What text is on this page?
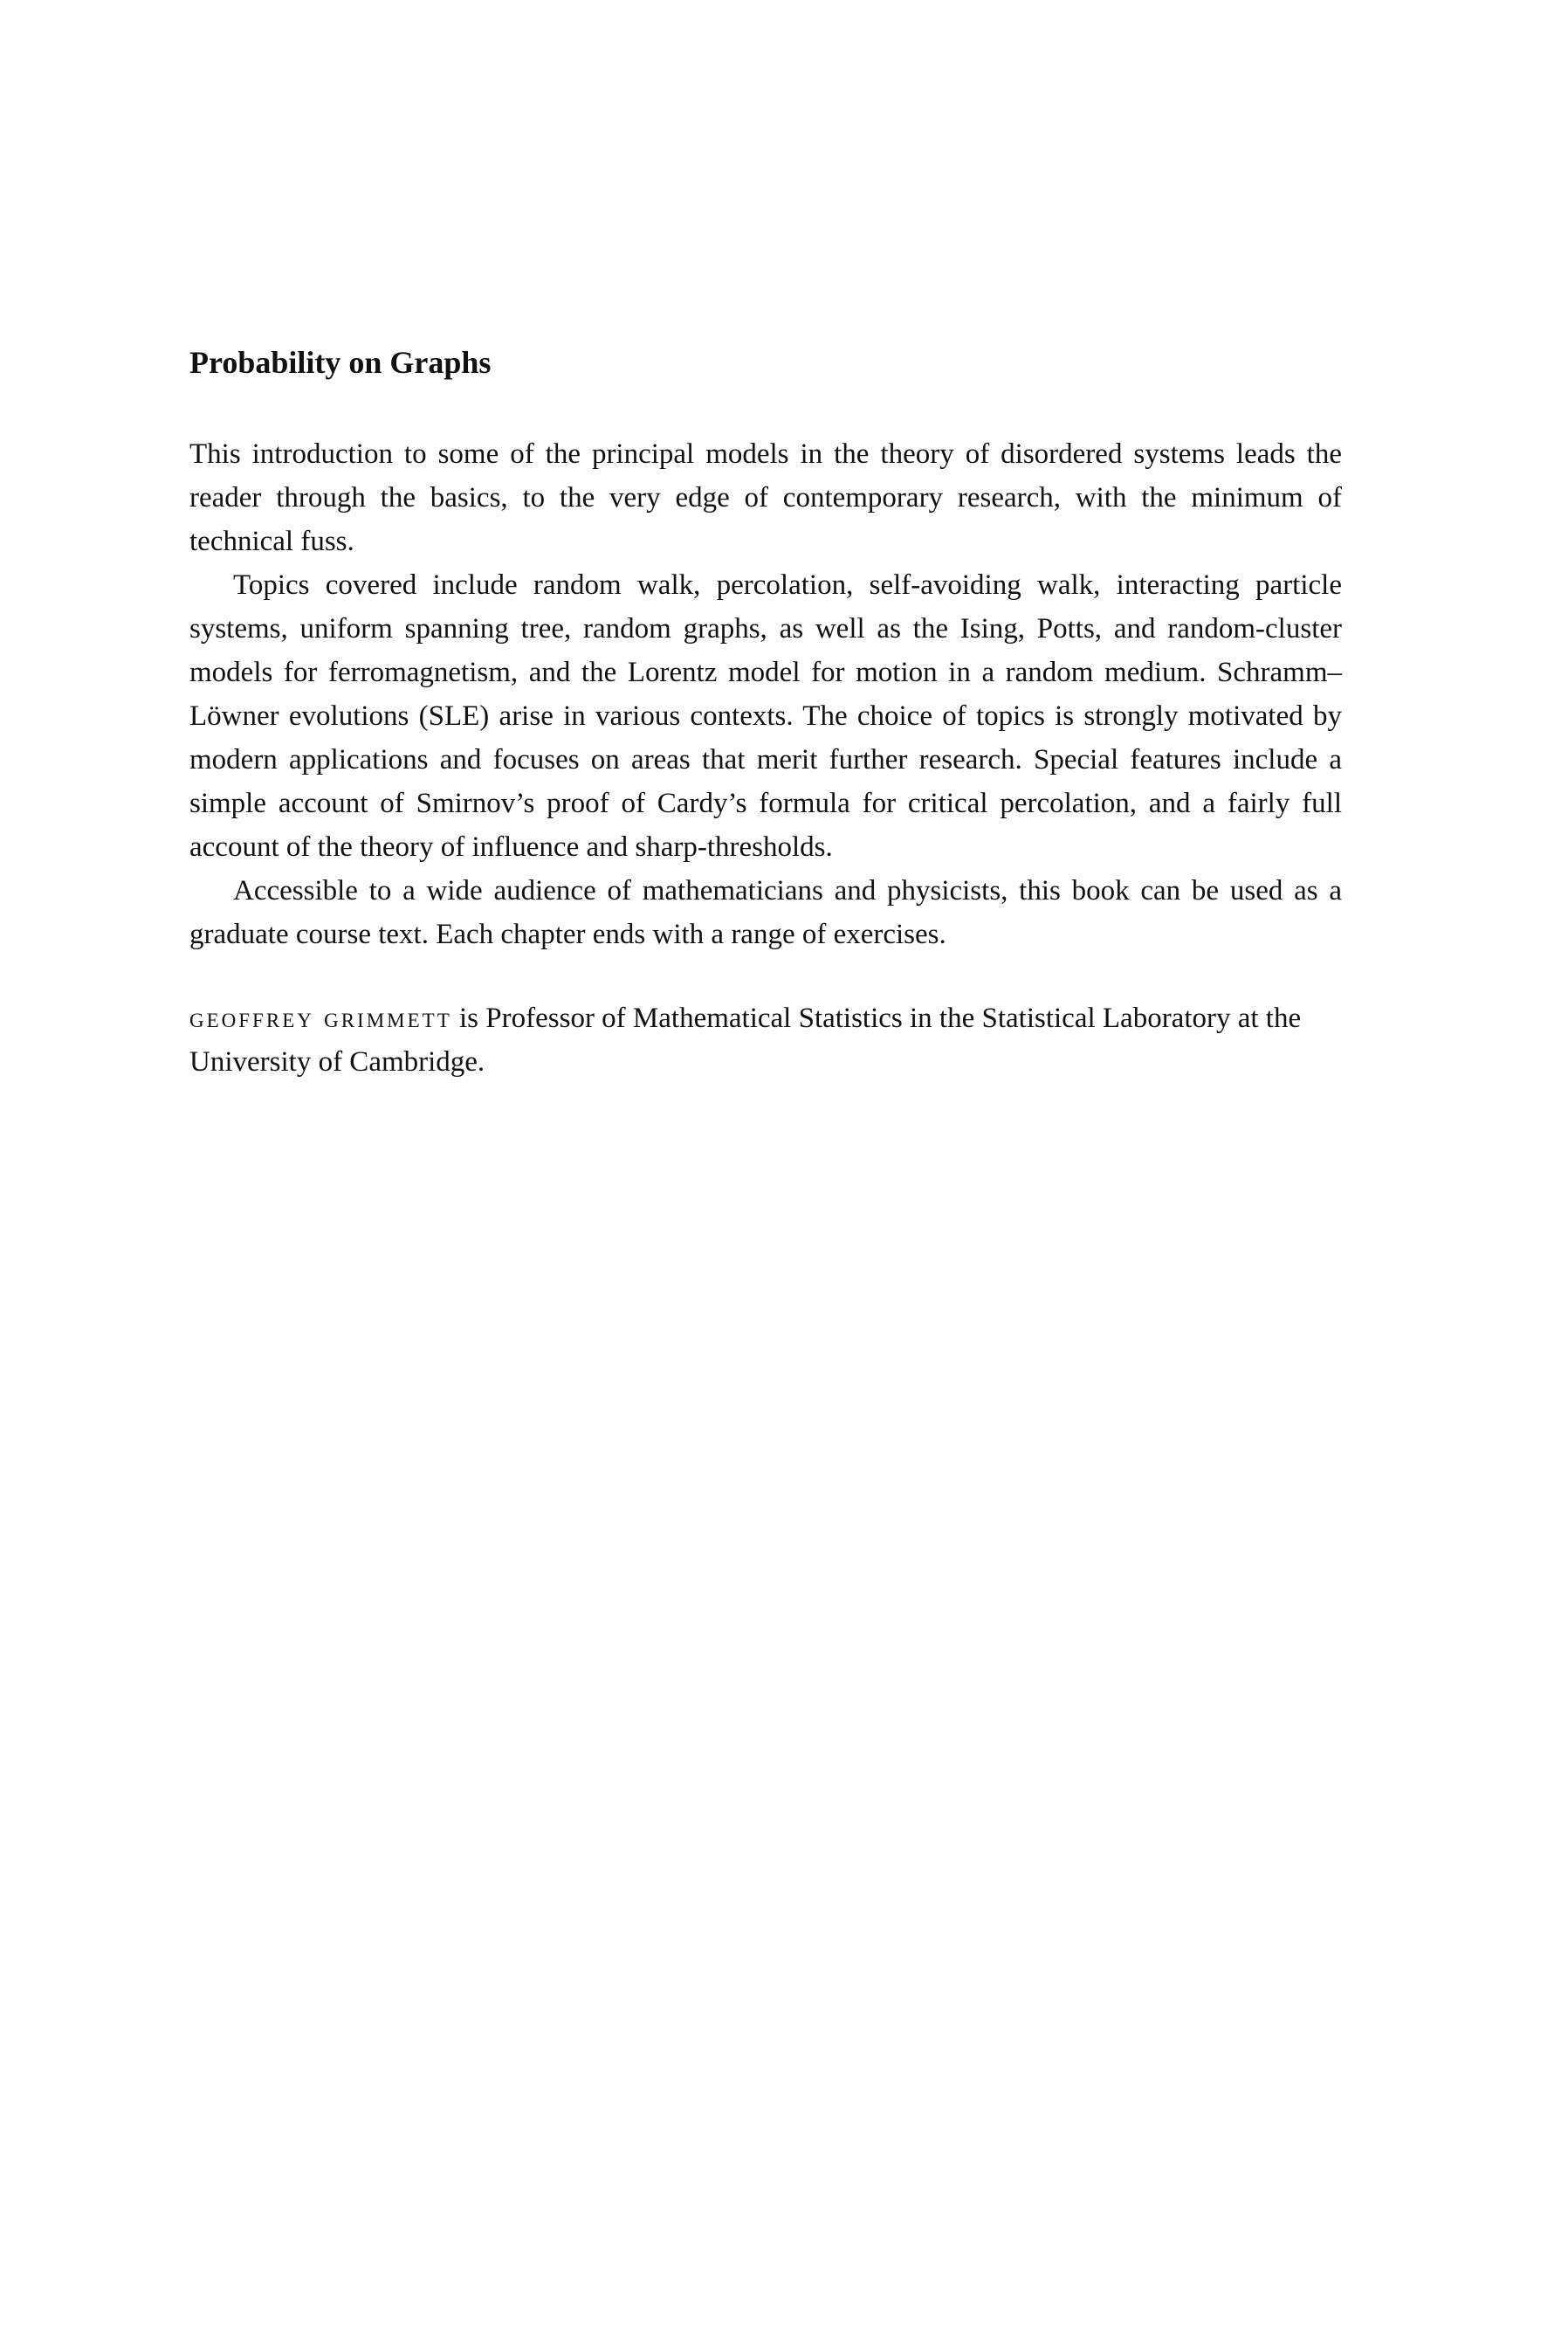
Probability on Graphs

This introduction to some of the principal models in the theory of disordered systems leads the reader through the basics, to the very edge of contemporary research, with the minimum of technical fuss.

Topics covered include random walk, percolation, self-avoiding walk, interacting particle systems, uniform spanning tree, random graphs, as well as the Ising, Potts, and random-cluster models for ferromagnetism, and the Lorentz model for motion in a random medium. Schramm–Löwner evolutions (SLE) arise in various contexts. The choice of topics is strongly motivated by modern applications and focuses on areas that merit further research. Special features include a simple account of Smirnov’s proof of Cardy’s formula for critical percolation, and a fairly full account of the theory of influence and sharp-thresholds.

Accessible to a wide audience of mathematicians and physicists, this book can be used as a graduate course text. Each chapter ends with a range of exercises.

geoffrey grimmett is Professor of Mathematical Statistics in the Statistical Laboratory at the University of Cambridge.
